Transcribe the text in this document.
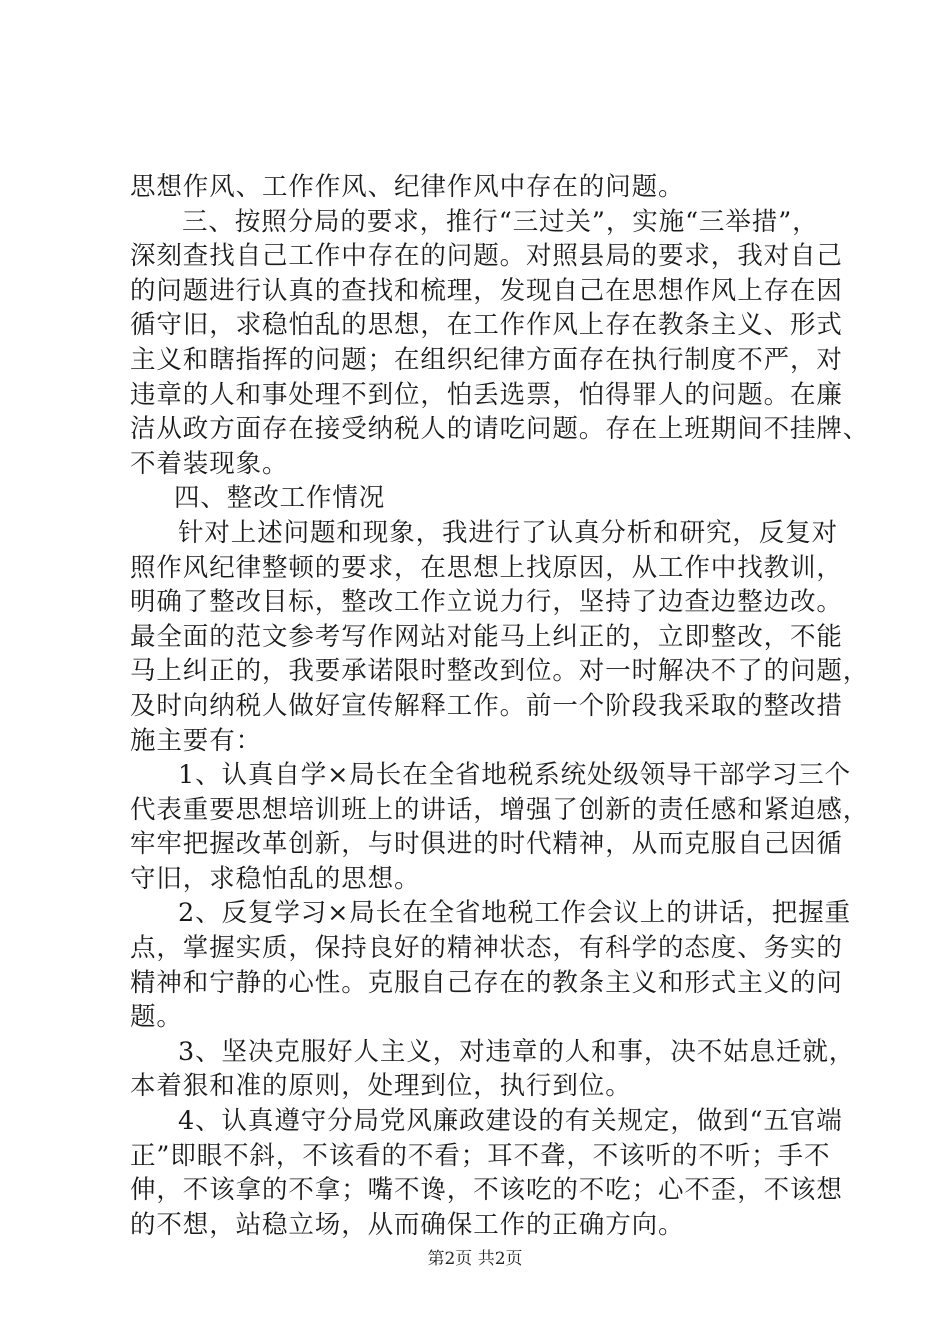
思想作风、工作作风、纪律作风中存在的问题。
三、按照分局的要求，推行“三过关”，实施“三举措”，
深刻查找自己工作中存在的问题。对照县局的要求，我对自己
的问题进行认真的查找和梳理，发现自己在思想作风上存在因
循守旧，求稳怕乱的思想，在工作作风上存在教条主义、形式
主义和瞎指挥的问题；在组织纪律方面存在执行制度不严，对
违章的人和事处理不到位，怕丢选票，怕得罪人的问题。在廉
洁从政方面存在接受纳税人的请吃问题。存在上班期间不挂牌、
不着装现象。
四、整改工作情况
针对上述问题和现象，我进行了认真分析和研究，反复对
照作风纪律整顿的要求，在思想上找原因，从工作中找教训，
明确了整改目标，整改工作立说力行，坚持了边查边整边改。
最全面的范文参考写作网站对能马上纠正的，立即整改，不能
马上纠正的，我要承诺限时整改到位。对一时解决不了的问题，
及时向纳税人做好宣传解释工作。前一个阶段我采取的整改措
施主要有：
1、认真自学×局长在全省地税系统处级领导干部学习三个
代表重要思想培训班上的讲话，增强了创新的责任感和紧迫感，
牢牢把握改革创新，与时俱进的时代精神，从而克服自己因循
守旧，求稳怕乱的思想。
2、反复学习×局长在全省地税工作会议上的讲话，把握重
点，掌握实质，保持良好的精神状态，有科学的态度、务实的
精神和宁静的心性。克服自己存在的教条主义和形式主义的问
题。
3、坚决克服好人主义，对违章的人和事，决不姑息迁就，
本着狠和准的原则，处理到位，执行到位。
4、认真遵守分局党风廉政建设的有关规定，做到“五官端
正”即眼不斜，不该看的不看；耳不聋，不该听的不听；手不
伸，不该拿的不拿；嘴不谗，不该吃的不吃；心不歪，不该想
的不想，站稳立场，从而确保工作的正确方向。
第2页 共2页
